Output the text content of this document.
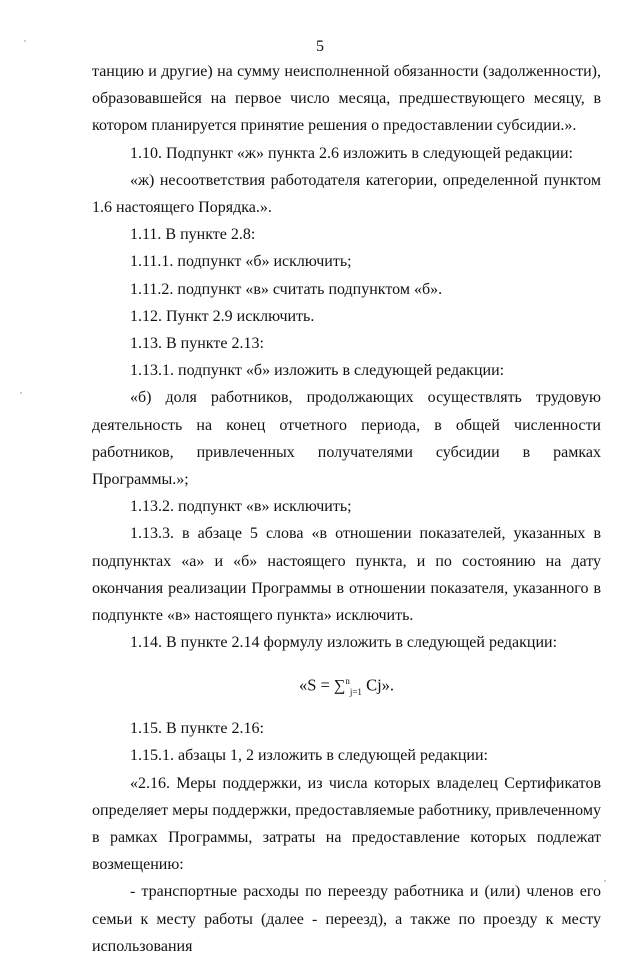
5

танцию и другие) на сумму неисполненной обязанности (задолженности), образовавшейся на первое число месяца, предшествующего месяцу, в котором планируется принятие решения о предоставлении субсидии.».

1.10. Подпункт «ж» пункта 2.6 изложить в следующей редакции:

«ж) несоответствия работодателя категории, определенной пунктом 1.6 настоящего Порядка.».

1.11. В пункте 2.8:

1.11.1. подпункт «б» исключить;

1.11.2. подпункт «в» считать подпунктом «б».

1.12. Пункт 2.9 исключить.

1.13. В пункте 2.13:

1.13.1. подпункт «б» изложить в следующей редакции:

«б) доля работников, продолжающих осуществлять трудовую деятельность на конец отчетного периода, в общей численности работников, привлеченных получателями субсидии в рамках Программы.»;

1.13.2. подпункт «в» исключить;

1.13.3. в абзаце 5 слова «в отношении показателей, указанных в подпунктах «а» и «б» настоящего пункта, и по состоянию на дату окончания реализации Программы в отношении показателя, указанного в подпункте «в» настоящего пункта» исключить.

1.14. В пункте 2.14 формулу изложить в следующей редакции:

«S = ∑$^n_{j=1}$ Cj».

1.15. В пункте 2.16:

1.15.1. абзацы 1, 2 изложить в следующей редакции:

«2.16. Меры поддержки, из числа которых владелец Сертификатов определяет меры поддержки, предоставляемые работнику, привлеченному в рамках Программы, затраты на предоставление которых подлежат возмещению:

- транспортные расходы по переезду работника и (или) членов его семьи к месту работы (далее - переезд), а также по проезду к месту использования
